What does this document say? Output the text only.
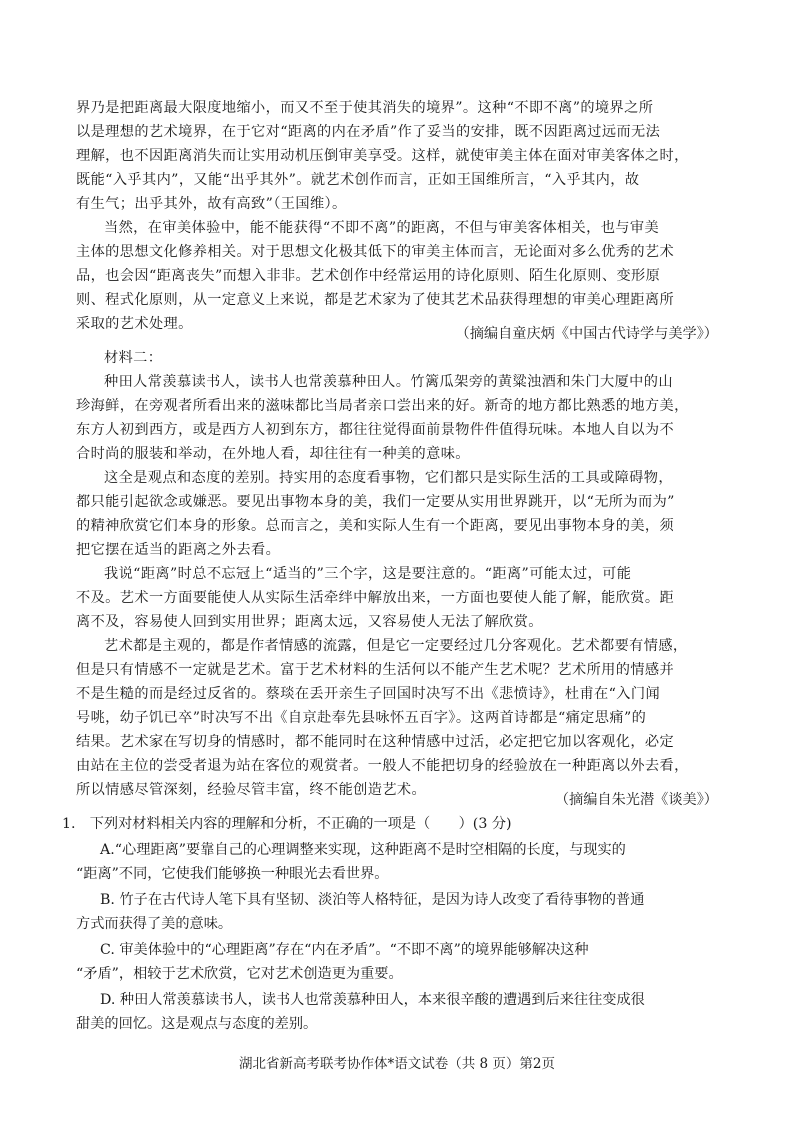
界乃是把距离最大限度地缩小，而又不至于使其消失的境界”。这种“不即不离”的境界之所
以是理想的艺术境界，在于它对“距离的内在矛盾”作了妥当的安排，既不因距离过远而无法
理解，也不因距离消失而让实用动机压倒审美享受。这样，就使审美主体在面对审美客体之时，
既能“入乎其内”，又能“出乎其外”。就艺术创作而言，正如王国维所言，“入乎其内，故
有生气；出乎其外，故有高致”（王国维）。
当然，在审美体验中，能不能获得“不即不离”的距离，不但与审美客体相关，也与审美
主体的思想文化修养相关。对于思想文化极其低下的审美主体而言，无论面对多么优秀的艺术
品，也会因“距离丧失”而想入非非。艺术创作中经常运用的诗化原则、陌生化原则、变形原
则、程式化原则，从一定意义上来说，都是艺术家为了使其艺术品获得理想的审美心理距离所
采取的艺术处理。
（摘编自童庆炳《中国古代诗学与美学》）
材料二：
种田人常羡慕读书人，读书人也常羡慕种田人。竹篱瓜架旁的黄粱浊酒和朱门大厦中的山
珍海鲜，在旁观者所看出来的滋味都比当局者亲口尝出来的好。新奇的地方都比熟悉的地方美，
东方人初到西方，或是西方人初到东方，都往往觉得面前景物件件值得玩味。本地人自以为不
合时尚的服装和举动，在外地人看，却往往有一种美的意味。
这全是观点和态度的差别。持实用的态度看事物，它们都只是实际生活的工具或障碍物，
都只能引起欲念或嫌恶。要见出事物本身的美，我们一定要从实用世界跳开，以“无所为而为”
的精神欣赏它们本身的形象。总而言之，美和实际人生有一个距离，要见出事物本身的美，须
把它摆在适当的距离之外去看。
我说“距离”时总不忘冠上“适当的”三个字，这是要注意的。“距离”可能太过，可能
不及。艺术一方面要能使人从实际生活牵绊中解放出来，一方面也要使人能了解，能欣赏。距
离不及，容易使人回到实用世界；距离太远，又容易使人无法了解欣赏。
艺术都是主观的，都是作者情感的流露，但是它一定要经过几分客观化。艺术都要有情感，
但是只有情感不一定就是艺术。富于艺术材料的生活何以不能产生艺术呢？艺术所用的情感并
不是生糙的而是经过反省的。蔡琰在丢开亲生子回国时决写不出《悲愤诗》，杜甫在“入门闻
号咷，幼子饥已卒”时决写不出《自京赴奉先县咏怀五百字》。这两首诗都是“痛定思痛”的
结果。艺术家在写切身的情感时，都不能同时在这种情感中过活，必定把它加以客观化，必定
由站在主位的尝受者退为站在客位的观赏者。一般人不能把切身的经验放在一种距离以外去看，
所以情感尽管深刻，经验尽管丰富，终不能创造艺术。
（摘编自朱光潜《谈美》）
1.　下列对材料相关内容的理解和分析，不正确的一项是（　　）(3 分)
A.“心理距离”要靠自己的心理调整来实现，这种距离不是时空相隔的长度，与现实的
“距离”不同，它使我们能够换一种眼光去看世界。
B. 竹子在古代诗人笔下具有坚韧、淡泊等人格特征，是因为诗人改变了看待事物的普通
方式而获得了美的意味。
C. 审美体验中的“心理距离”存在“内在矛盾”。“不即不离”的境界能够解决这种
“矛盾”，相较于艺术欣赏，它对艺术创造更为重要。
D. 种田人常羡慕读书人，读书人也常羡慕种田人，本来很辛酸的遭遇到后来往往变成很
甜美的回忆。这是观点与态度的差别。
湖北省新高考联考协作体*语文试卷（共 8 页）第2页
